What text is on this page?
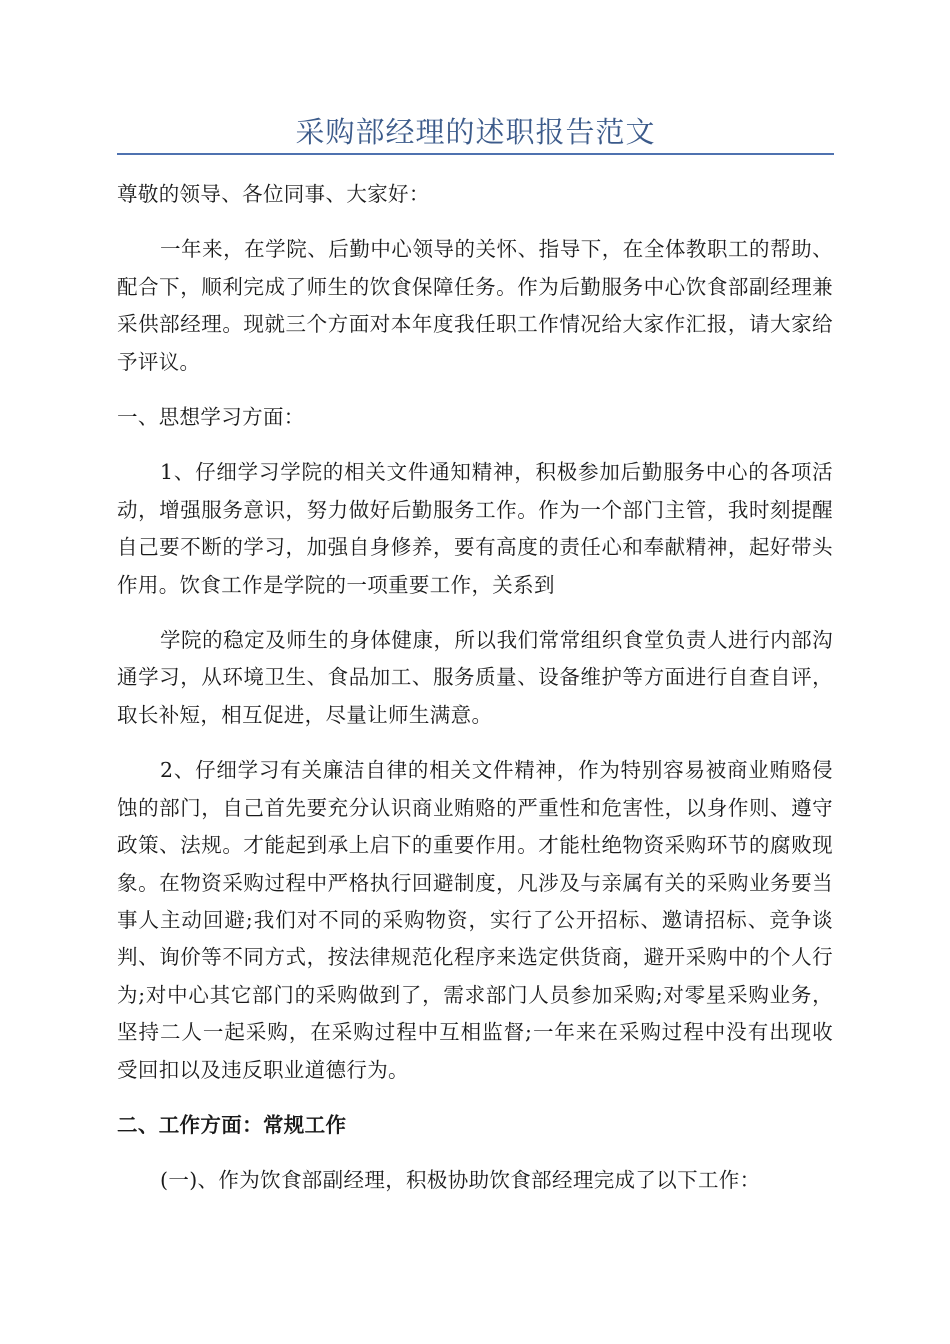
采购部经理的述职报告范文

尊敬的领导、各位同事、大家好：

一年来，在学院、后勤中心领导的关怀、指导下，在全体教职工的帮助、配合下，顺利完成了师生的饮食保障任务。作为后勤服务中心饮食部副经理兼采供部经理。现就三个方面对本年度我任职工作情况给大家作汇报，请大家给予评议。

一、思想学习方面：

1、仔细学习学院的相关文件通知精神，积极参加后勤服务中心的各项活动，增强服务意识，努力做好后勤服务工作。作为一个部门主管，我时刻提醒自己要不断的学习，加强自身修养，要有高度的责任心和奉献精神，起好带头作用。饮食工作是学院的一项重要工作，关系到

学院的稳定及师生的身体健康，所以我们常常组织食堂负责人进行内部沟通学习，从环境卫生、食品加工、服务质量、设备维护等方面进行自查自评，取长补短，相互促进，尽量让师生满意。

2、仔细学习有关廉洁自律的相关文件精神，作为特别容易被商业贿赂侵蚀的部门，自己首先要充分认识商业贿赂的严重性和危害性，以身作则、遵守政策、法规。才能起到承上启下的重要作用。才能杜绝物资采购环节的腐败现象。在物资采购过程中严格执行回避制度，凡涉及与亲属有关的采购业务要当事人主动回避;我们对不同的采购物资，实行了公开招标、邀请招标、竞争谈判、询价等不同方式，按法律规范化程序来选定供货商，避开采购中的个人行为;对中心其它部门的采购做到了，需求部门人员参加采购;对零星采购业务，坚持二人一起采购，在采购过程中互相监督;一年来在采购过程中没有出现收受回扣以及违反职业道德行为。

二、工作方面：常规工作

(一)、作为饮食部副经理，积极协助饮食部经理完成了以下工作：
